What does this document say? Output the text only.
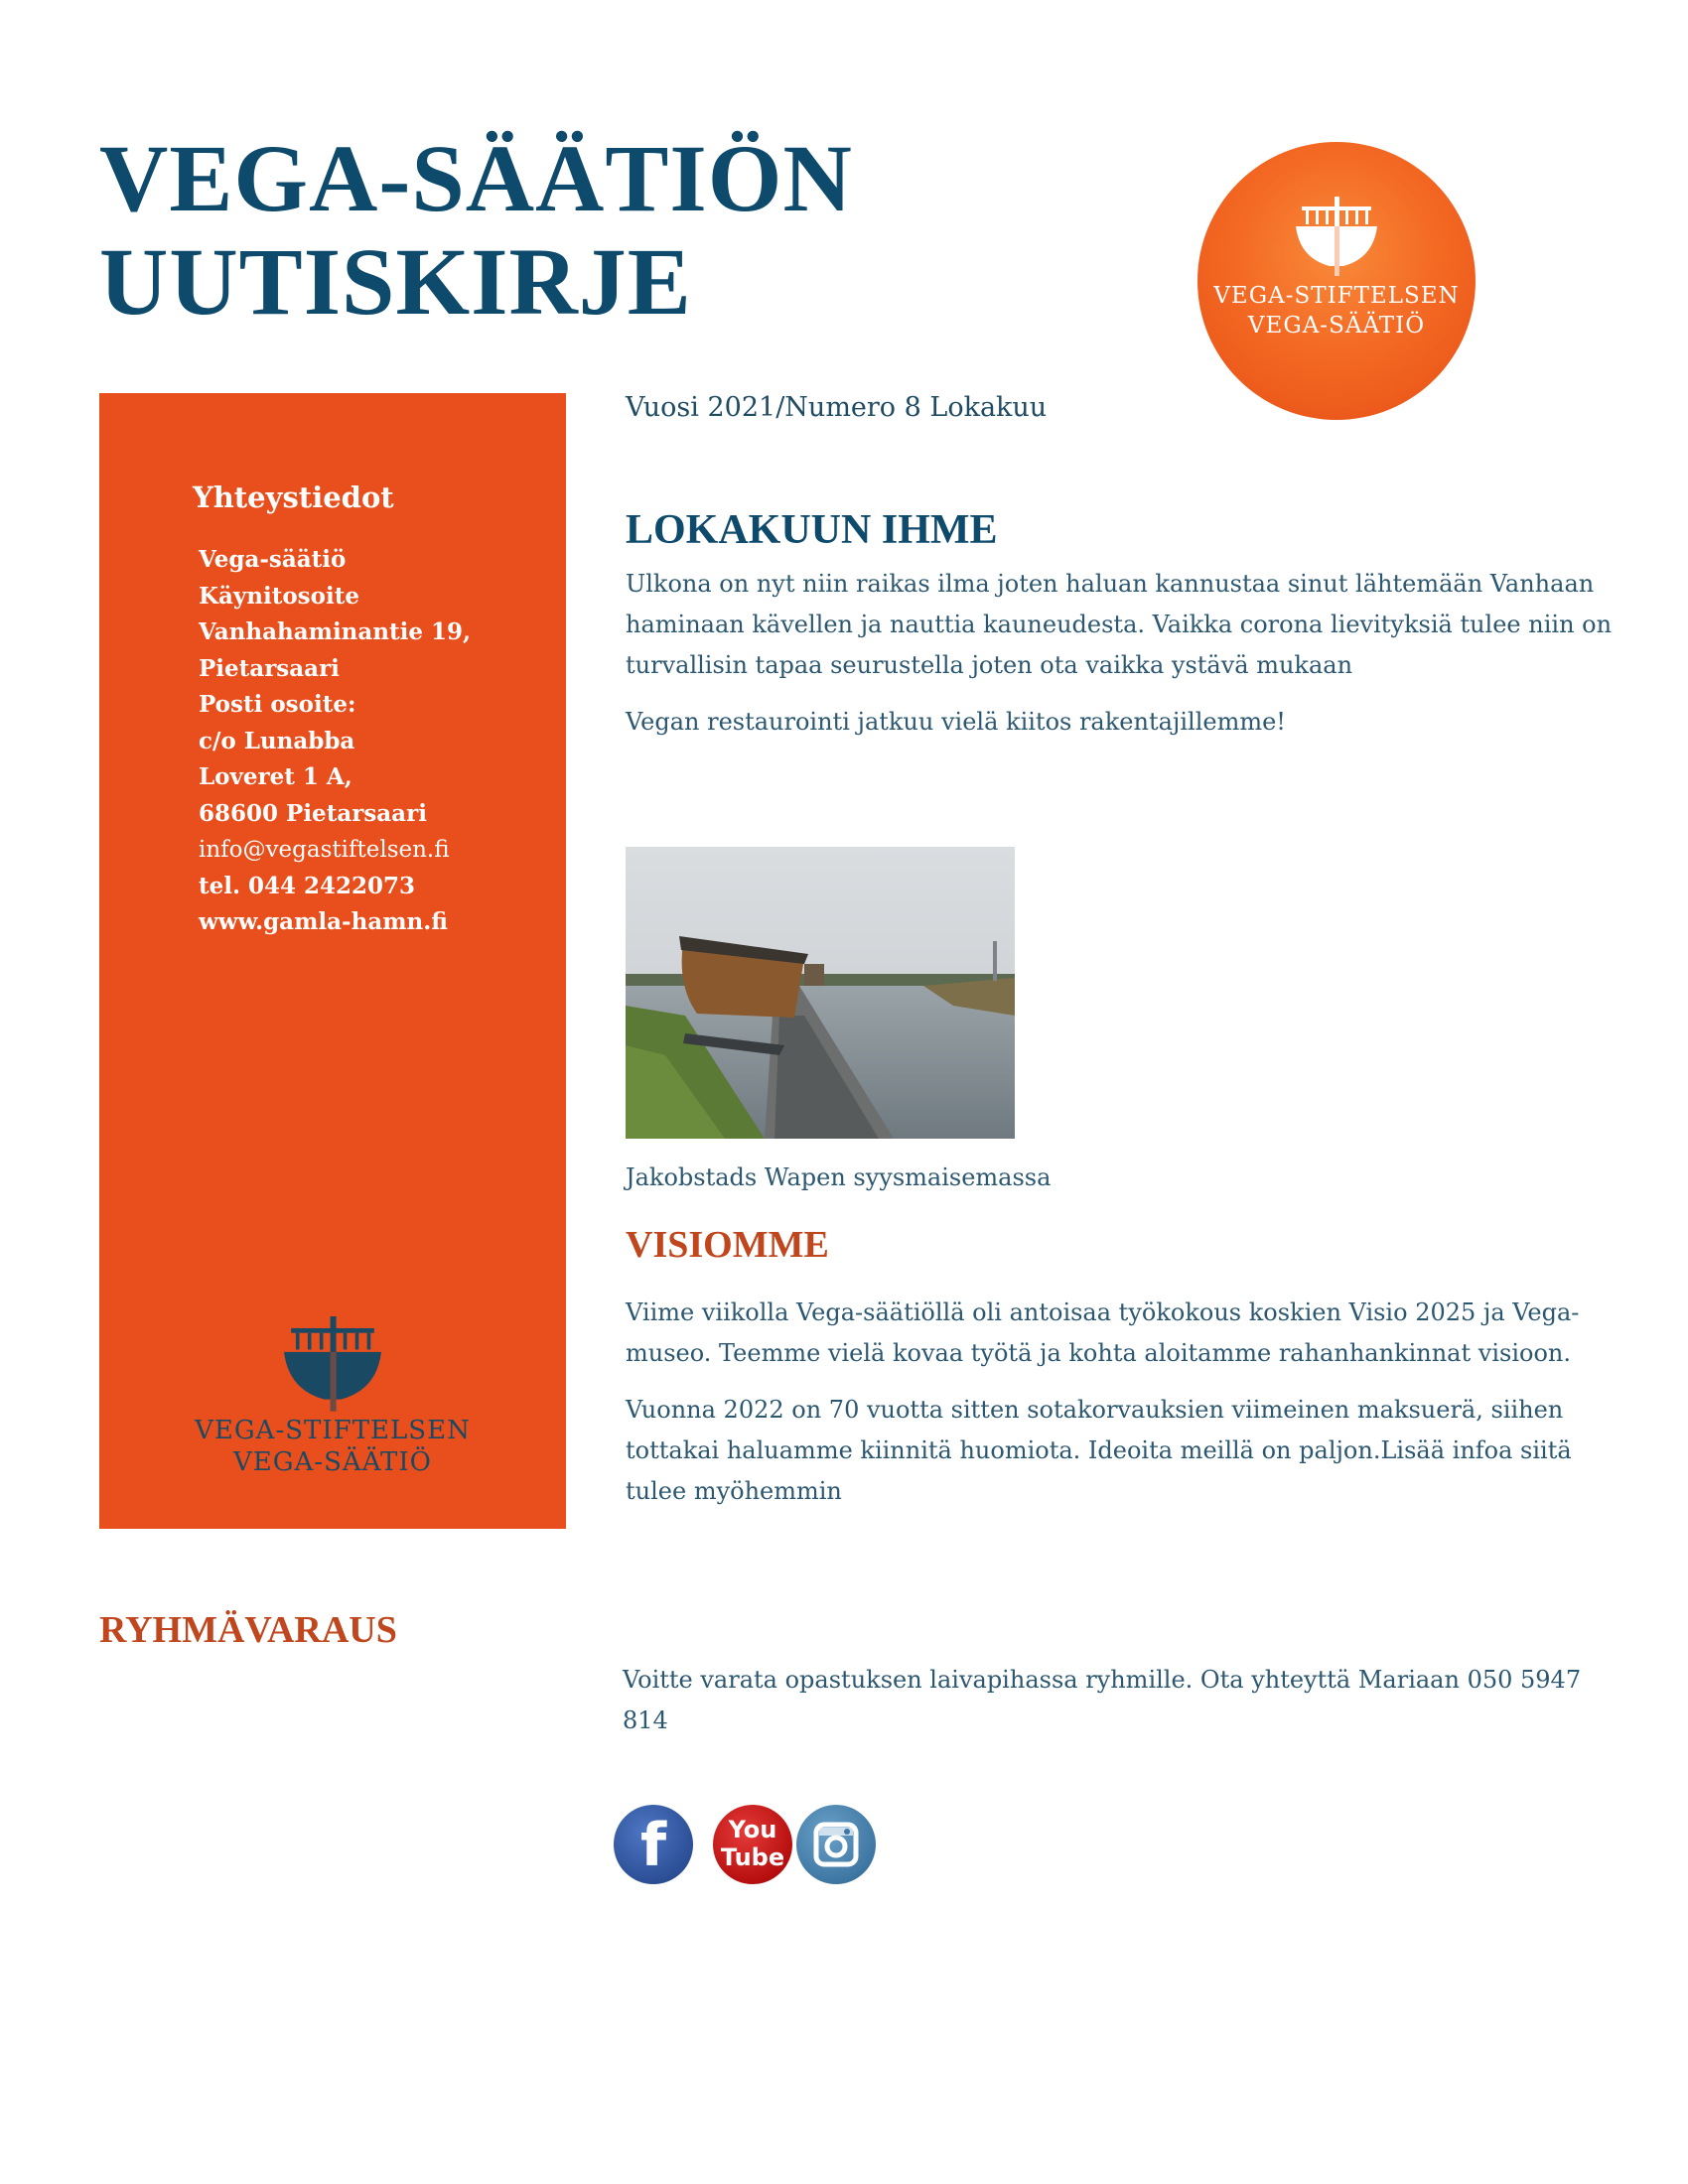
VEGA-SÄÄTIÖN
UUTISKIRJE	VEGA-STIFTELSEN
VEGA-SÄÄTIÖ
Yhteystiedot
Vega-säätiö
Käynitosoite
Vanhahaminantie 19,
Pietarsaari
Posti osoite:
c/o Lunabba
Loveret 1 A,
68600 Pietarsaari
info@vegastiftelsen.fi
tel. 044 2422073
www.gamla-hamn.fi
VEGA-STIFTELSEN
VEGA-SÄÄTIÖ
Vuosi 2021/Numero 8 Lokakuu
LOKAKUUN IHME

Ulkona on nyt niin raikas ilma joten haluan kannustaa sinut lähtemään Vanhaan

haminaan kävellen ja nauttia kauneudesta. Vaikka corona lievityksiä tulee niin on

turvallisin tapaa seurustella joten ota vaikka ystävä mukaan

Vegan restaurointi jatkuu vielä kiitos rakentajillemme!

Jakobstads Wapen syysmaisemassa
VISIOMME

Viime viikolla Vega-säätiöllä oli antoisaa työkokous koskien Visio 2025 ja Vega-

museo. Teemme vielä kovaa työtä ja kohta aloitamme rahanhankinnat visioon.

Vuonna 2022 on 70 vuotta sitten sotakorvauksien viimeinen maksuerä, siihen

tottakai haluamme kiinnitä huomiota. Ideoita meillä on paljon.Lisää infoa siitä

tulee myöhemmin

RYHMÄVARAUS

Voitte varata opastuksen laivapihassa ryhmille. Ota yhteyttä Mariaan 050 5947

814

f	You
Tube
